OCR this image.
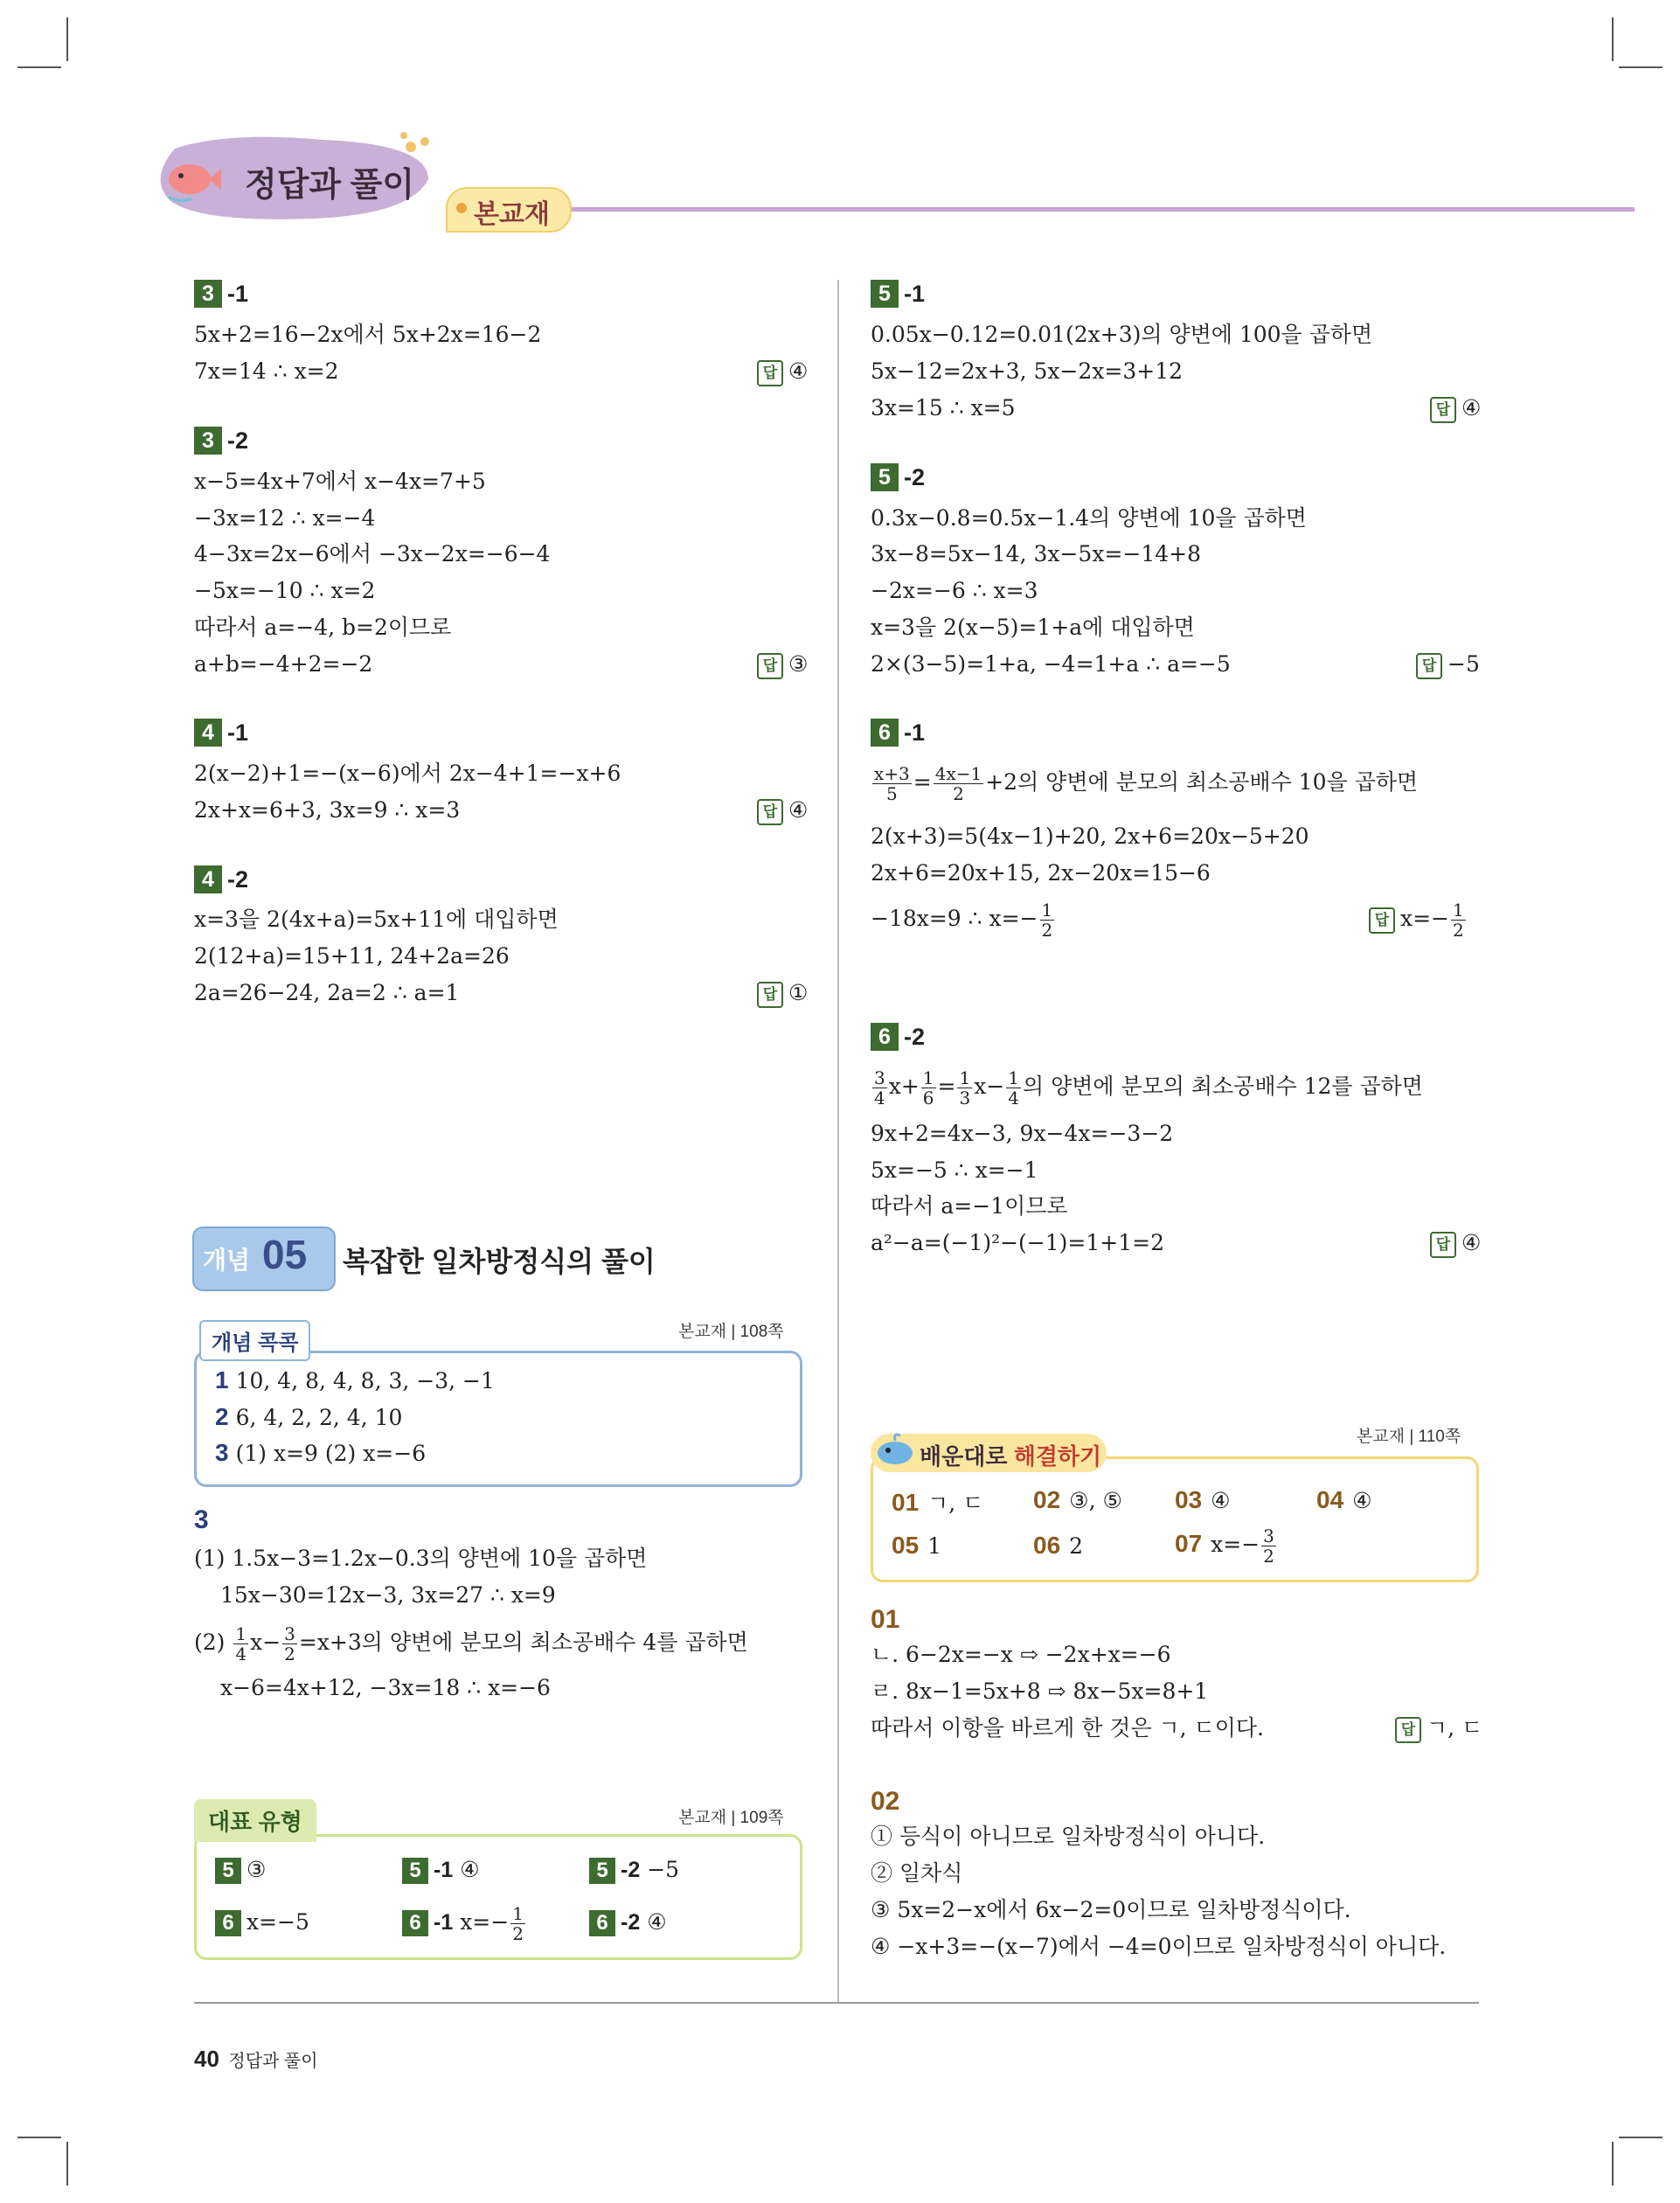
정답과 풀이
본교재
3 -1
5x+2=16−2x에서 5x+2x=16−2
7x=14 ∴ x=2	답 ④
3 -2
x−5=4x+7에서 x−4x=7+5
−3x=12 ∴ x=−4
4−3x=2x−6에서 −3x−2x=−6−4
−5x=−10 ∴ x=2
따라서 a=−4, b=2이므로
a+b=−4+2=−2	답 ③
4 -1
2(x−2)+1=−(x−6)에서 2x−4+1=−x+6
2x+x=6+3, 3x=9 ∴ x=3	답 ④
4 -2
x=3을 2(4x+a)=5x+11에 대입하면
2(12+a)=15+11, 24+2a=26
2a=26−24, 2a=2 ∴ a=1	답 ①
개념 05 복잡한 일차방정식의 풀이
개념 콕콕	본교재 | 108쪽
1 10, 4, 8, 4, 8, 3, −3, −1
2 6, 4, 2, 2, 4, 10
3 (1) x=9 (2) x=−6
3
(1) 1.5x−3=1.2x−0.3의 양변에 10을 곱하면
15x−30=12x−3, 3x=27 ∴ x=9
$(2) \frac{1}{4} x- \frac{3}{2} =x+3$의 양변에 분모의 최소공배수 4를 곱하면
x−6=4x+12, −3x=18 ∴ x=−6
대표 유형	본교재 | 109쪽
5 ③	5 -1 ④	5 -2 −5
6 x=−5	6 -1 $x=- \frac{1}{2}$	6 -2 ④
5 -1
0.05x−0.12=0.01(2x+3)의 양변에 100을 곱하면
5x−12=2x+3, 5x−2x=3+12
3x=15 ∴ x=5	답 ④
5 -2
0.3x−0.8=0.5x−1.4의 양변에 10을 곱하면
3x−8=5x−14, 3x−5x=−14+8
−2x=−6 ∴ x=3
x=3을 2(x−5)=1+a에 대입하면
2×(3−5)=1+a, −4=1+a ∴ a=−5	답 −5
6 -1
$\frac{x+3}{5} = \frac{4x-1}{2} +2$의 양변에 분모의 최소공배수 10을 곱하면
2(x+3)=5(4x−1)+20, 2x+6=20x−5+20
2x+6=20x+15, 2x−20x=15−6
−18x=9 ∴ $x=- \frac{1}{2}$	답 $x=- \frac{1}{2}$
6 -2
$\frac{3}{4} x+ \frac{1}{6} = \frac{1}{3} x- \frac{1}{4}$ 의 양변에 분모의 최소공배수 12를 곱하면
9x+2=4x−3, 9x−4x=−3−2
5x=−5 ∴ x=−1
따라서 a=−1이므로
a²−a=(−1)²−(−1)=1+1=2	답 ④
배운대로 해결하기
본교재 | 110쪽
01 ㄱ, ㄷ 02 ③, ⑤ 03 ④	04 ④
05 1	06 2	07 $x=- \frac{3}{2}$
01
ㄴ. 6−2x=−x ⇨ −2x+x=−6
ㄹ. 8x−1=5x+8 ⇨ 8x−5x=8+1
따라서 이항을 바르게 한 것은 ㄱ, ㄷ이다.	답 ㄱ, ㄷ
02
① 등식이 아니므로 일차방정식이 아니다.
② 일차식
③ 5x=2−x에서 6x−2=0이므로 일차방정식이다.
④ −x+3=−(x−7)에서 −4=0이므로 일차방정식이 아니다.
40 정답과 풀이
